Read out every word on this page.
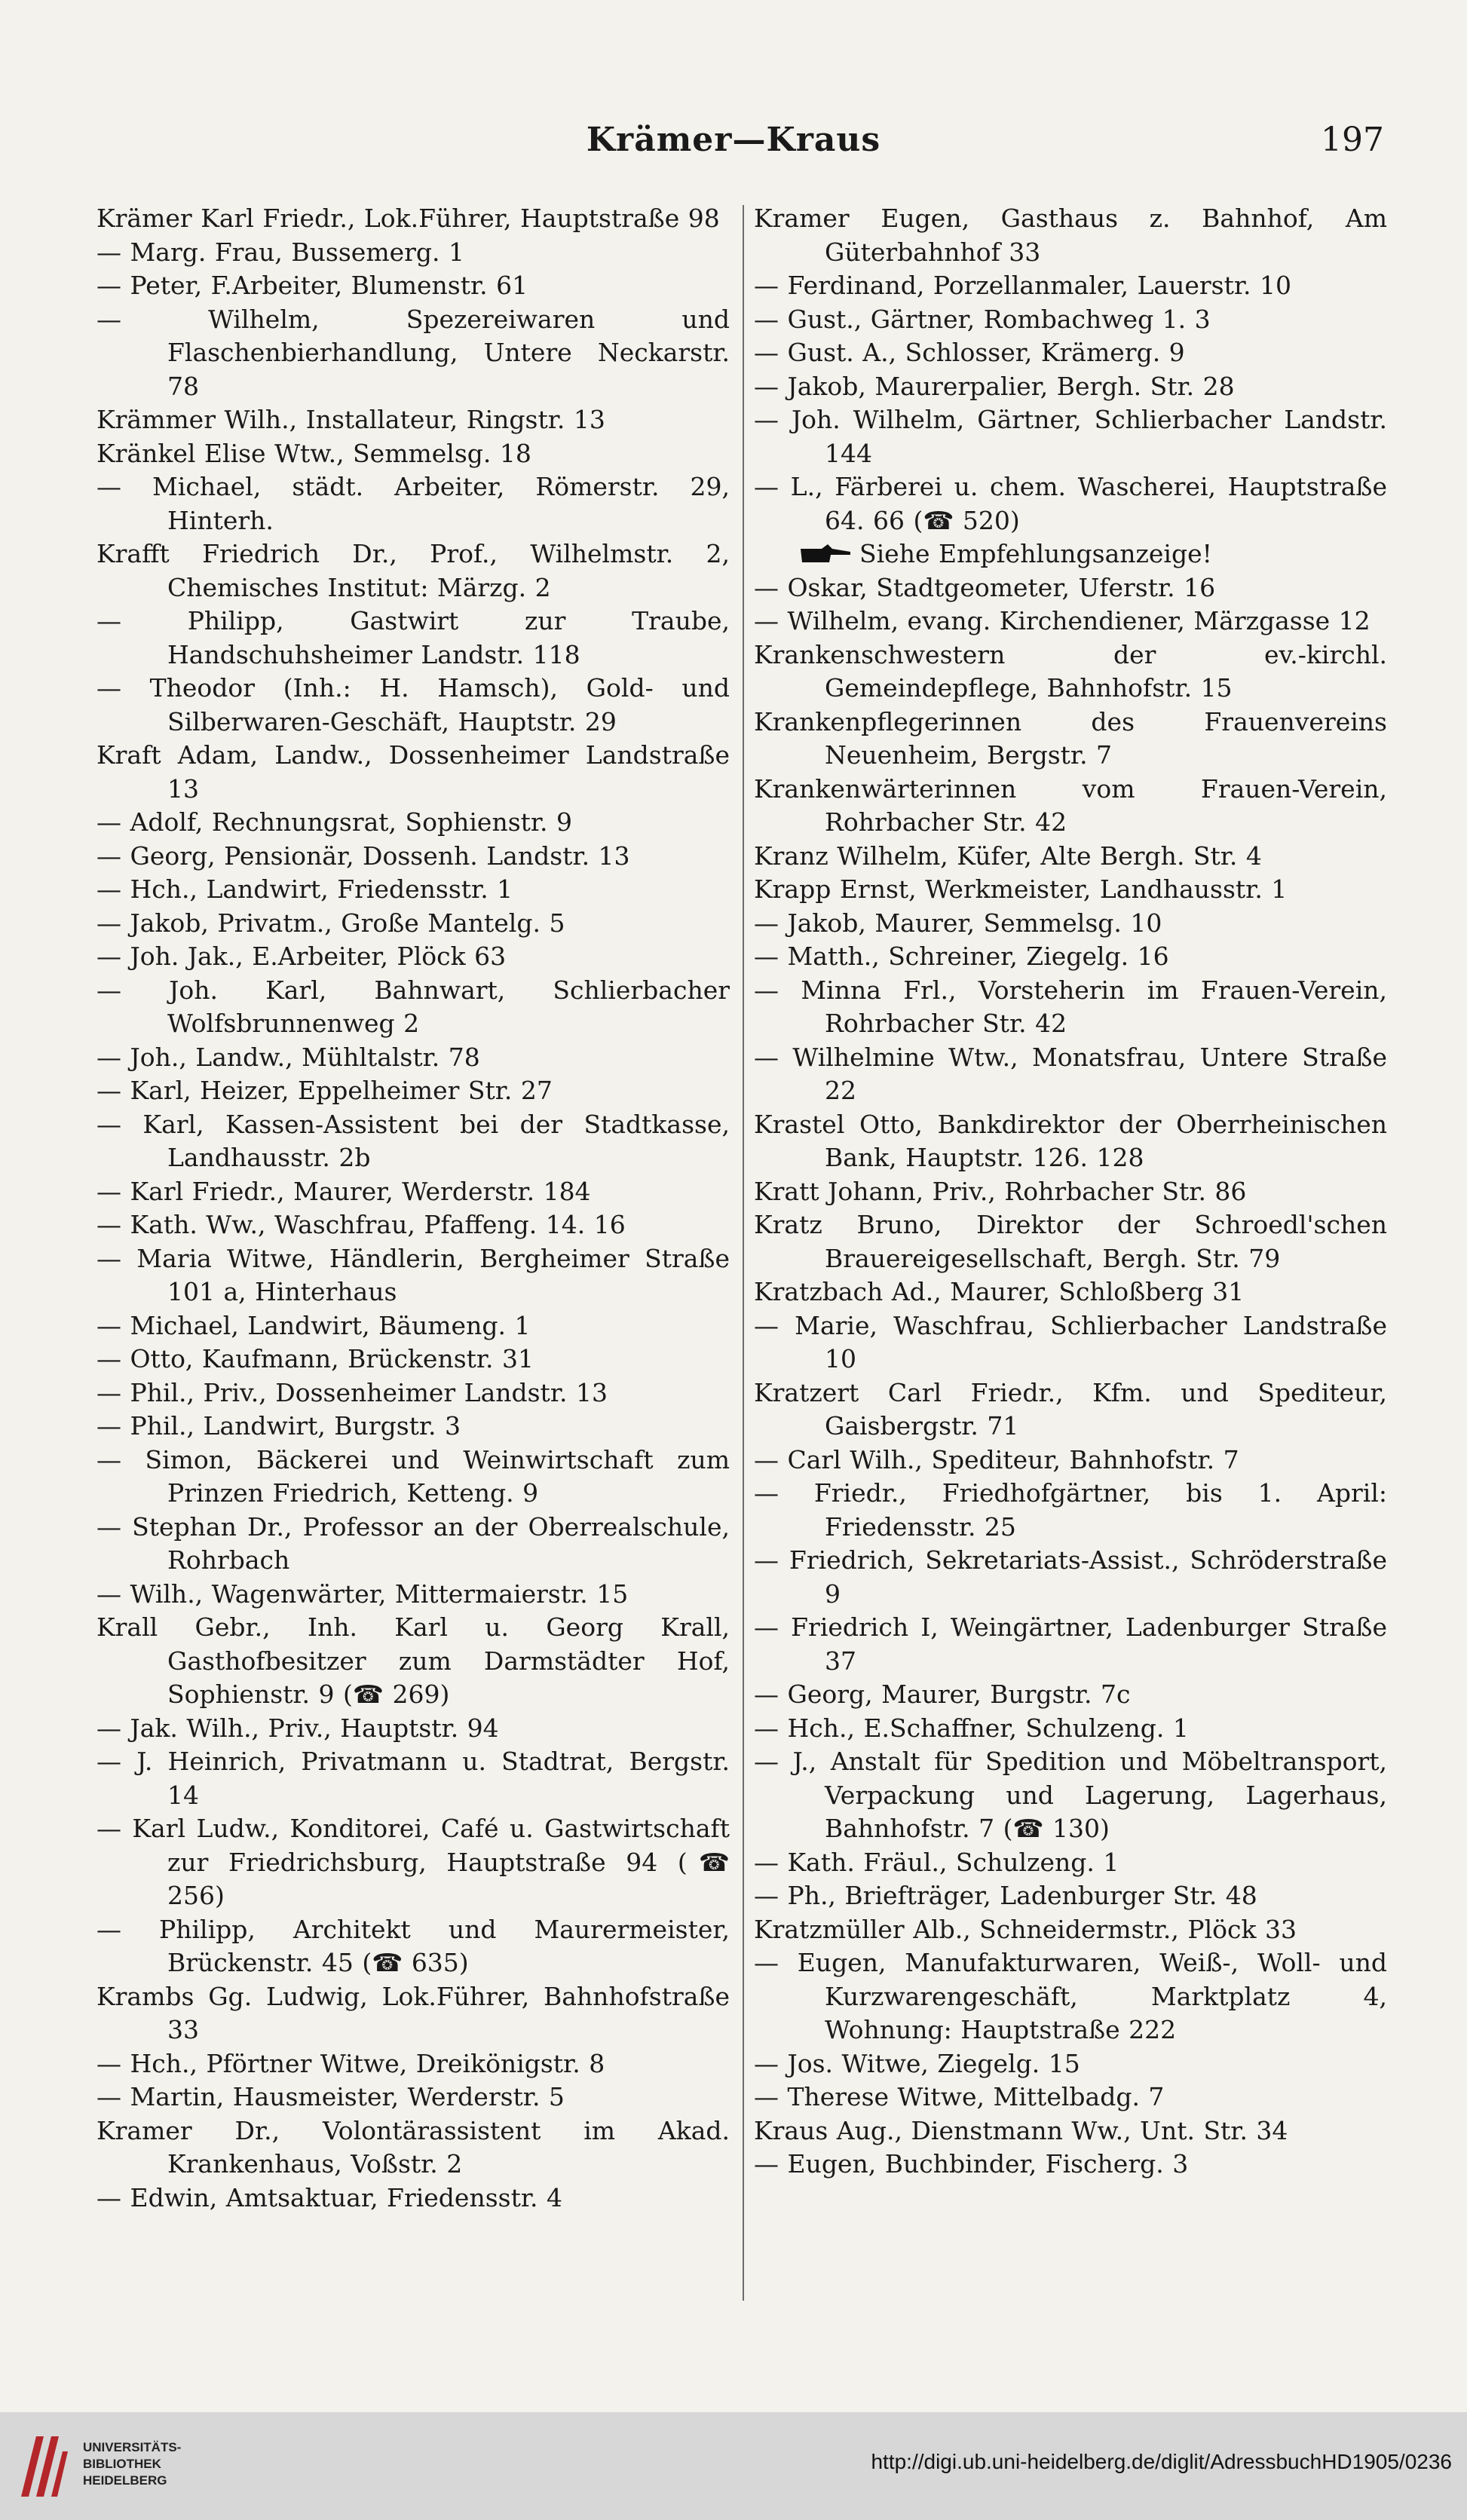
Krämer—Kraus	197
Krämer Karl Friedr., Lok.Führer, Hauptstraße 98
— Marg. Frau, Bussemerg. 1
— Peter, F.Arbeiter, Blumenstr. 61
— Wilhelm, Spezereiwaren und Flaschenbierhandlung, Untere Neckarstr. 78
Krämmer Wilh., Installateur, Ringstr. 13
Kränkel Elise Wtw., Semmelsg. 18
— Michael, städt. Arbeiter, Römerstr. 29, Hinterh.
Krafft Friedrich Dr., Prof., Wilhelmstr. 2, Chemisches Institut: Märzg. 2
— Philipp, Gastwirt zur Traube, Handschuhsheimer Landstr. 118
— Theodor (Inh.: H. Hamsch), Gold- und Silberwaren-Geschäft, Hauptstr. 29
Kraft Adam, Landw., Dossenheimer Landstraße 13
— Adolf, Rechnungsrat, Sophienstr. 9
— Georg, Pensionär, Dossenh. Landstr. 13
— Hch., Landwirt, Friedensstr. 1
— Jakob, Privatm., Große Mantelg. 5
— Joh. Jak., E.Arbeiter, Plöck 63
— Joh. Karl, Bahnwart, Schlierbacher Wolfsbrunnenweg 2
— Joh., Landw., Mühltalstr. 78
— Karl, Heizer, Eppelheimer Str. 27
— Karl, Kassen-Assistent bei der Stadtkasse, Landhausstr. 2b
— Karl Friedr., Maurer, Werderstr. 184
— Kath. Ww., Waschfrau, Pfaffeng. 14. 16
— Maria Witwe, Händlerin, Bergheimer Straße 101 a, Hinterhaus
— Michael, Landwirt, Bäumeng. 1
— Otto, Kaufmann, Brückenstr. 31
— Phil., Priv., Dossenheimer Landstr. 13
— Phil., Landwirt, Burgstr. 3
— Simon, Bäckerei und Weinwirtschaft zum Prinzen Friedrich, Ketteng. 9
— Stephan Dr., Professor an der Oberrealschule, Rohrbach
— Wilh., Wagenwärter, Mittermaierstr. 15
Krall Gebr., Inh. Karl u. Georg Krall, Gasthofbesitzer zum Darmstädter Hof, Sophienstr. 9 (☎ 269)
— Jak. Wilh., Priv., Hauptstr. 94
— J. Heinrich, Privatmann u. Stadtrat, Bergstr. 14
— Karl Ludw., Konditorei, Café u. Gastwirtschaft zur Friedrichsburg, Hauptstraße 94 (☎ 256)
— Philipp, Architekt und Maurermeister, Brückenstr. 45 (☎ 635)
Krambs Gg. Ludwig, Lok.Führer, Bahnhofstraße 33
— Hch., Pförtner Witwe, Dreikönigstr. 8
— Martin, Hausmeister, Werderstr. 5
Kramer Dr., Volontärassistent im Akad. Krankenhaus, Voßstr. 2
— Edwin, Amtsaktuar, Friedensstr. 4
Kramer Eugen, Gasthaus z. Bahnhof, Am Güterbahnhof 33
— Ferdinand, Porzellanmaler, Lauerstr. 10
— Gust., Gärtner, Rombachweg 1. 3
— Gust. A., Schlosser, Krämerg. 9
— Jakob, Maurerpalier, Bergh. Str. 28
— Joh. Wilhelm, Gärtner, Schlierbacher Landstr. 144
— L., Färberei u. chem. Wascherei, Hauptstraße 64. 66 (☎ 520)
Siehe Empfehlungsanzeige!
— Oskar, Stadtgeometer, Uferstr. 16
— Wilhelm, evang. Kirchendiener, Märzgasse 12
Krankenschwestern der ev.-kirchl. Gemeindepflege, Bahnhofstr. 15
Krankenpflegerinnen des Frauenvereins Neuenheim, Bergstr. 7
Krankenwärterinnen vom Frauen-Verein, Rohrbacher Str. 42
Kranz Wilhelm, Küfer, Alte Bergh. Str. 4
Krapp Ernst, Werkmeister, Landhausstr. 1
— Jakob, Maurer, Semmelsg. 10
— Matth., Schreiner, Ziegelg. 16
— Minna Frl., Vorsteherin im Frauen-Verein, Rohrbacher Str. 42
— Wilhelmine Wtw., Monatsfrau, Untere Straße 22
Krastel Otto, Bankdirektor der Oberrheinischen Bank, Hauptstr. 126. 128
Kratt Johann, Priv., Rohrbacher Str. 86
Kratz Bruno, Direktor der Schroedl'schen Brauereigesellschaft, Bergh. Str. 79
Kratzbach Ad., Maurer, Schloßberg 31
— Marie, Waschfrau, Schlierbacher Landstraße 10
Kratzert Carl Friedr., Kfm. und Spediteur, Gaisbergstr. 71
— Carl Wilh., Spediteur, Bahnhofstr. 7
— Friedr., Friedhofgärtner, bis 1. April: Friedensstr. 25
— Friedrich, Sekretariats-Assist., Schröderstraße 9
— Friedrich I, Weingärtner, Ladenburger Straße 37
— Georg, Maurer, Burgstr. 7c
— Hch., E.Schaffner, Schulzeng. 1
— J., Anstalt für Spedition und Möbeltransport, Verpackung und Lagerung, Lagerhaus, Bahnhofstr. 7 (☎ 130)
— Kath. Fräul., Schulzeng. 1
— Ph., Briefträger, Ladenburger Str. 48
Kratzmüller Alb., Schneidermstr., Plöck 33
— Eugen, Manufakturwaren, Weiß-, Woll- und Kurzwarengeschäft, Marktplatz 4, Wohnung: Hauptstraße 222
— Jos. Witwe, Ziegelg. 15
— Therese Witwe, Mittelbadg. 7
Kraus Aug., Dienstmann Ww., Unt. Str. 34
— Eugen, Buchbinder, Fischerg. 3
UNIVERSITÄTS-
BIBLIOTHEK
HEIDELBERG
http://digi.ub.uni-heidelberg.de/diglit/AdressbuchHD1905/0236
